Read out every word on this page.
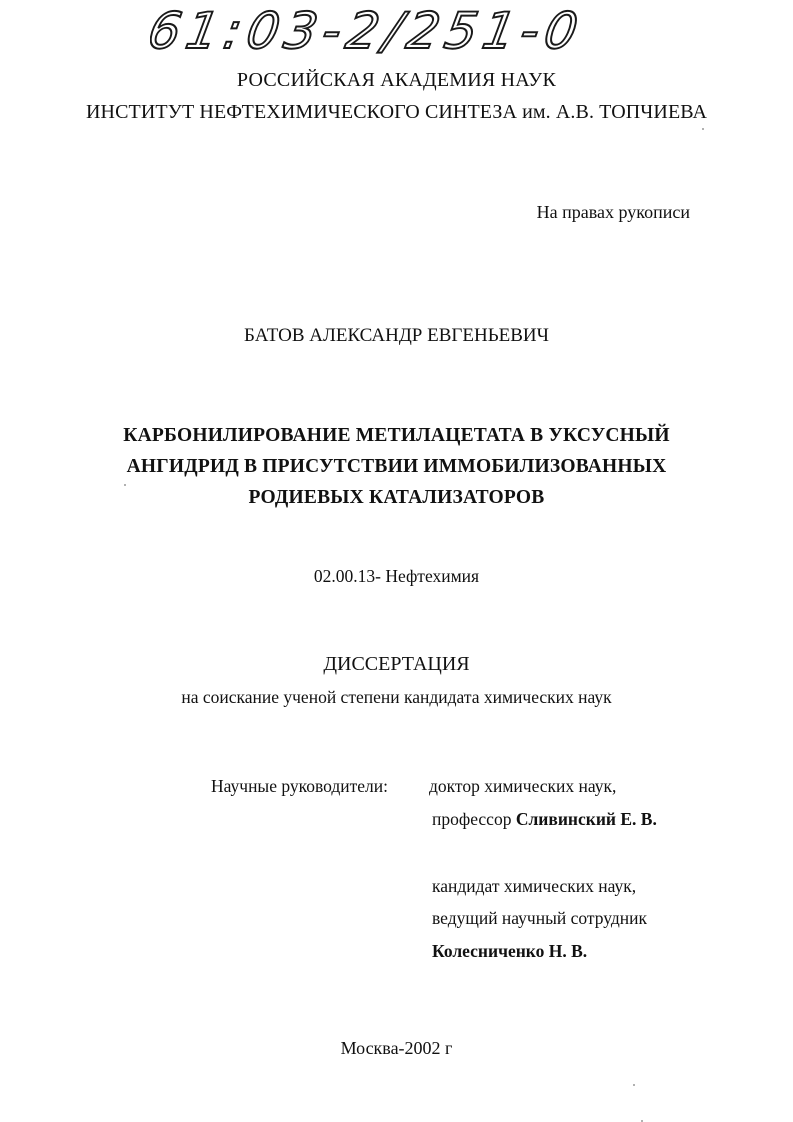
61:03-2/251-0
РОССИЙСКАЯ АКАДЕМИЯ НАУК
ИНСТИТУТ НЕФТЕХИМИЧЕСКОГО СИНТЕЗА им. А.В. ТОПЧИЕВА
На правах рукописи
БАТОВ АЛЕКСАНДР ЕВГЕНЬЕВИЧ
КАРБОНИЛИРОВАНИЕ МЕТИЛАЦЕТАТА В УКСУСНЫЙ
АНГИДРИД В ПРИСУТСТВИИ ИММОБИЛИЗОВАННЫХ
РОДИЕВЫХ КАТАЛИЗАТОРОВ
02.00.13- Нефтехимия
ДИССЕРТАЦИЯ
на соискание ученой степени кандидата химических наук
Научные руководители: доктор химических наук,
профессор Сливинский Е. В.
кандидат химических наук,
ведущий научный сотрудник
Колесниченко Н. В.
Москва-2002 г
